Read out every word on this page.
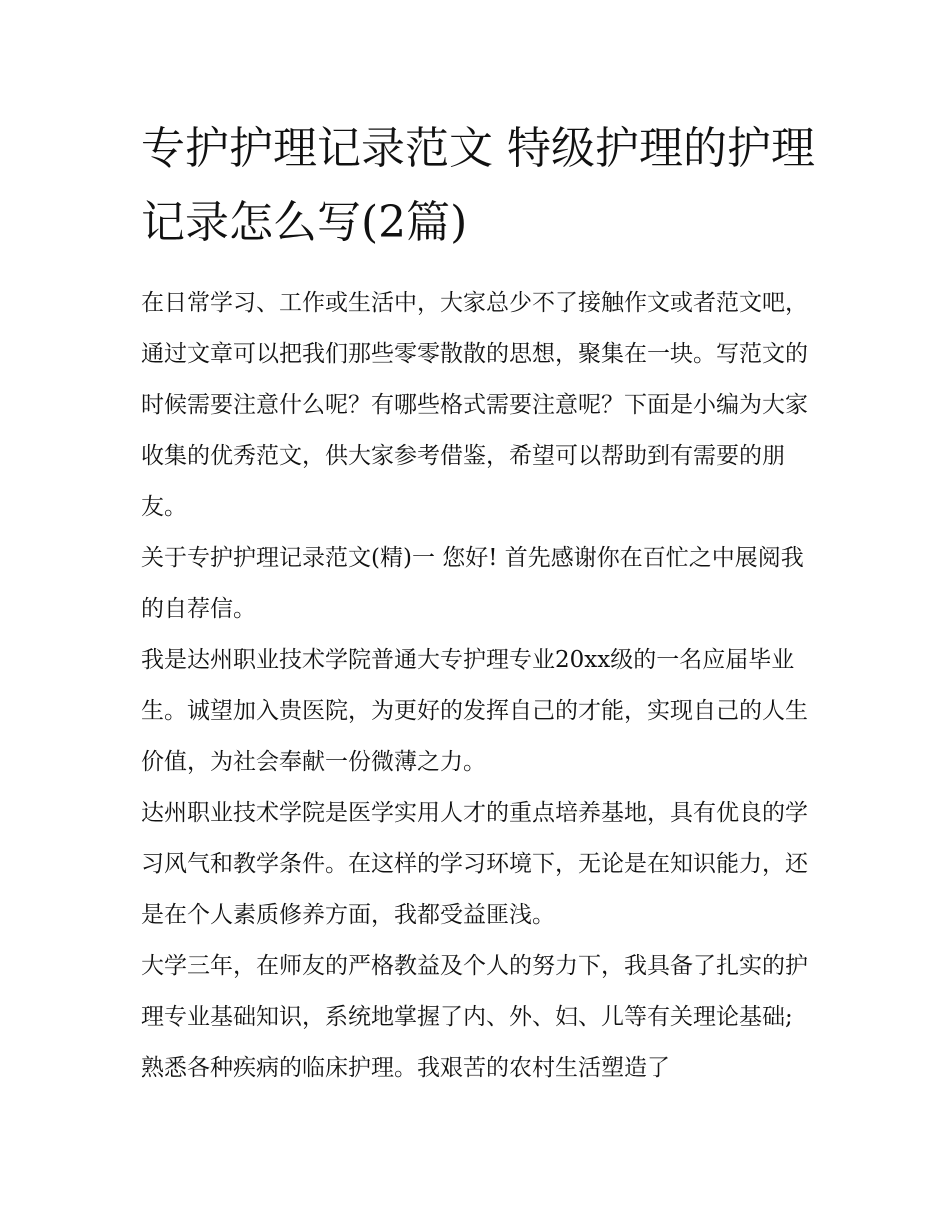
专护护理记录范文 特级护理的护理记录怎么写(2篇)

在日常学习、工作或生活中，大家总少不了接触作文或者范文吧，通过文章可以把我们那些零零散散的思想，聚集在一块。写范文的时候需要注意什么呢？有哪些格式需要注意呢？下面是小编为大家收集的优秀范文，供大家参考借鉴，希望可以帮助到有需要的朋友。

关于专护护理记录范文(精)一 您好! 首先感谢你在百忙之中展阅我的自荐信。

我是达州职业技术学院普通大专护理专业20xx级的一名应届毕业生。诚望加入贵医院，为更好的发挥自己的才能，实现自己的人生价值，为社会奉献一份微薄之力。

达州职业技术学院是医学实用人才的重点培养基地，具有优良的学习风气和教学条件。在这样的学习环境下，无论是在知识能力，还是在个人素质修养方面，我都受益匪浅。

大学三年，在师友的严格教益及个人的努力下，我具备了扎实的护理专业基础知识，系统地掌握了内、外、妇、儿等有关理论基础;熟悉各种疾病的临床护理。我艰苦的农村生活塑造了
